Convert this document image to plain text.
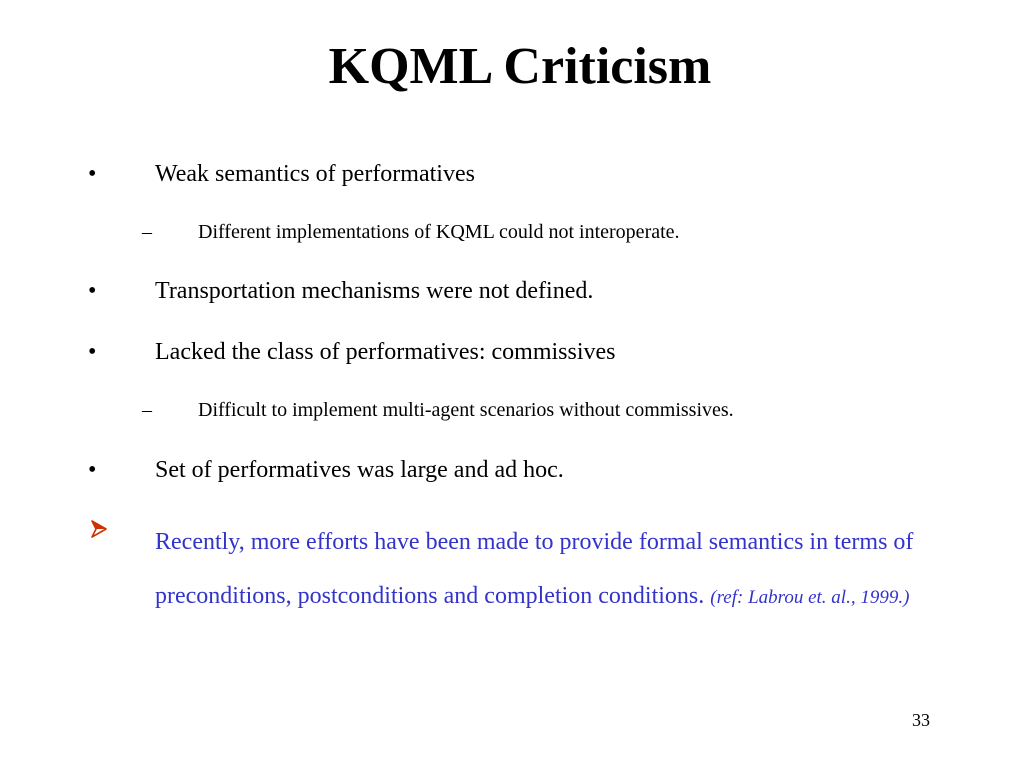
KQML Criticism
• Weak semantics of performatives
– Different implementations of KQML could not interoperate.
• Transportation mechanisms were not defined.
• Lacked the class of performatives: commissives
– Difficult to implement multi-agent scenarios without commissives.
• Set of performatives was large and ad hoc.
Recently, more efforts have been made to provide formal semantics in terms of preconditions, postconditions and completion conditions. (ref: Labrou et. al., 1999.)

33
